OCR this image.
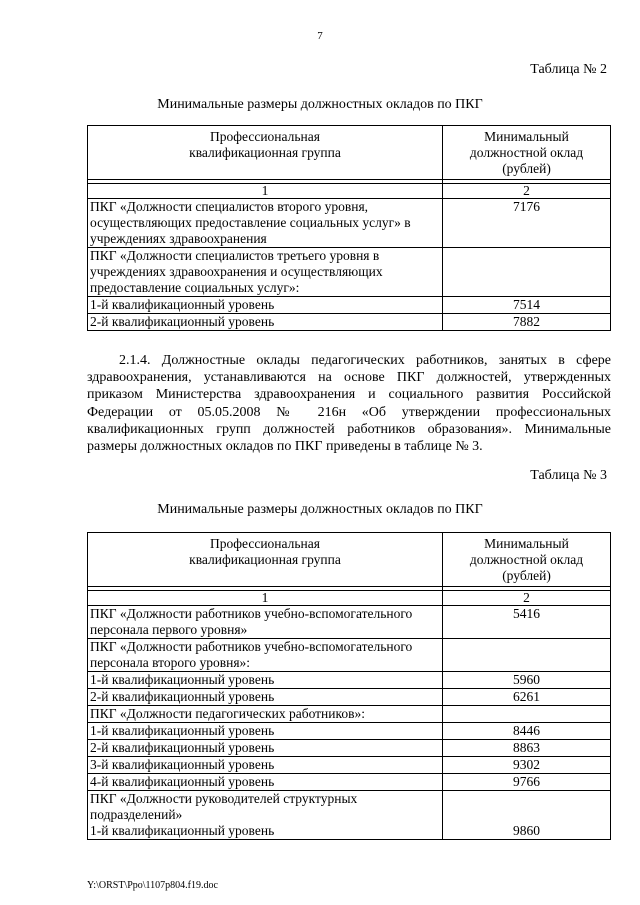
7
Таблица № 2
Минимальные размеры должностных окладов по ПКГ
Профессиональная
квалификационная группа	Минимальный
должностной оклад
(рублей)

1	2
ПКГ «Должности специалистов второго уровня, осуществляющих предоставление социальных услуг» в учреждениях здравоохранения	7176
ПКГ «Должности специалистов третьего уровня в учреждениях здравоохранения и осуществляющих предоставление социальных услуг»:	
1-й квалификационный уровень	7514
2-й квалификационный уровень	7882
2.1.4. Должностные оклады педагогических работников, занятых в сфере здравоохранения, устанавливаются на основе ПКГ должностей, утвержденных приказом Министерства здравоохранения и социального развития Российской Федерации от 05.05.2008 № 216н «Об утверждении профессиональных квалификационных групп должностей работников образования». Минимальные размеры должностных окладов по ПКГ приведены в таблице № 3.
Таблица № 3
Минимальные размеры должностных окладов по ПКГ
Профессиональная
квалификационная группа	Минимальный
должностной оклад
(рублей)

1	2
ПКГ «Должности работников учебно-вспомогательного персонала первого уровня»	5416
ПКГ «Должности работников учебно-вспомогательного персонала второго уровня»:	
1-й квалификационный уровень	5960
2-й квалификационный уровень	6261
ПКГ «Должности педагогических работников»:	
1-й квалификационный уровень	8446
2-й квалификационный уровень	8863
3-й квалификационный уровень	9302
4-й квалификационный уровень	9766
ПКГ «Должности руководителей структурных подразделений»
1-й квалификационный уровень	9860
Y:\ORST\Ppo\1107p804.f19.doc
